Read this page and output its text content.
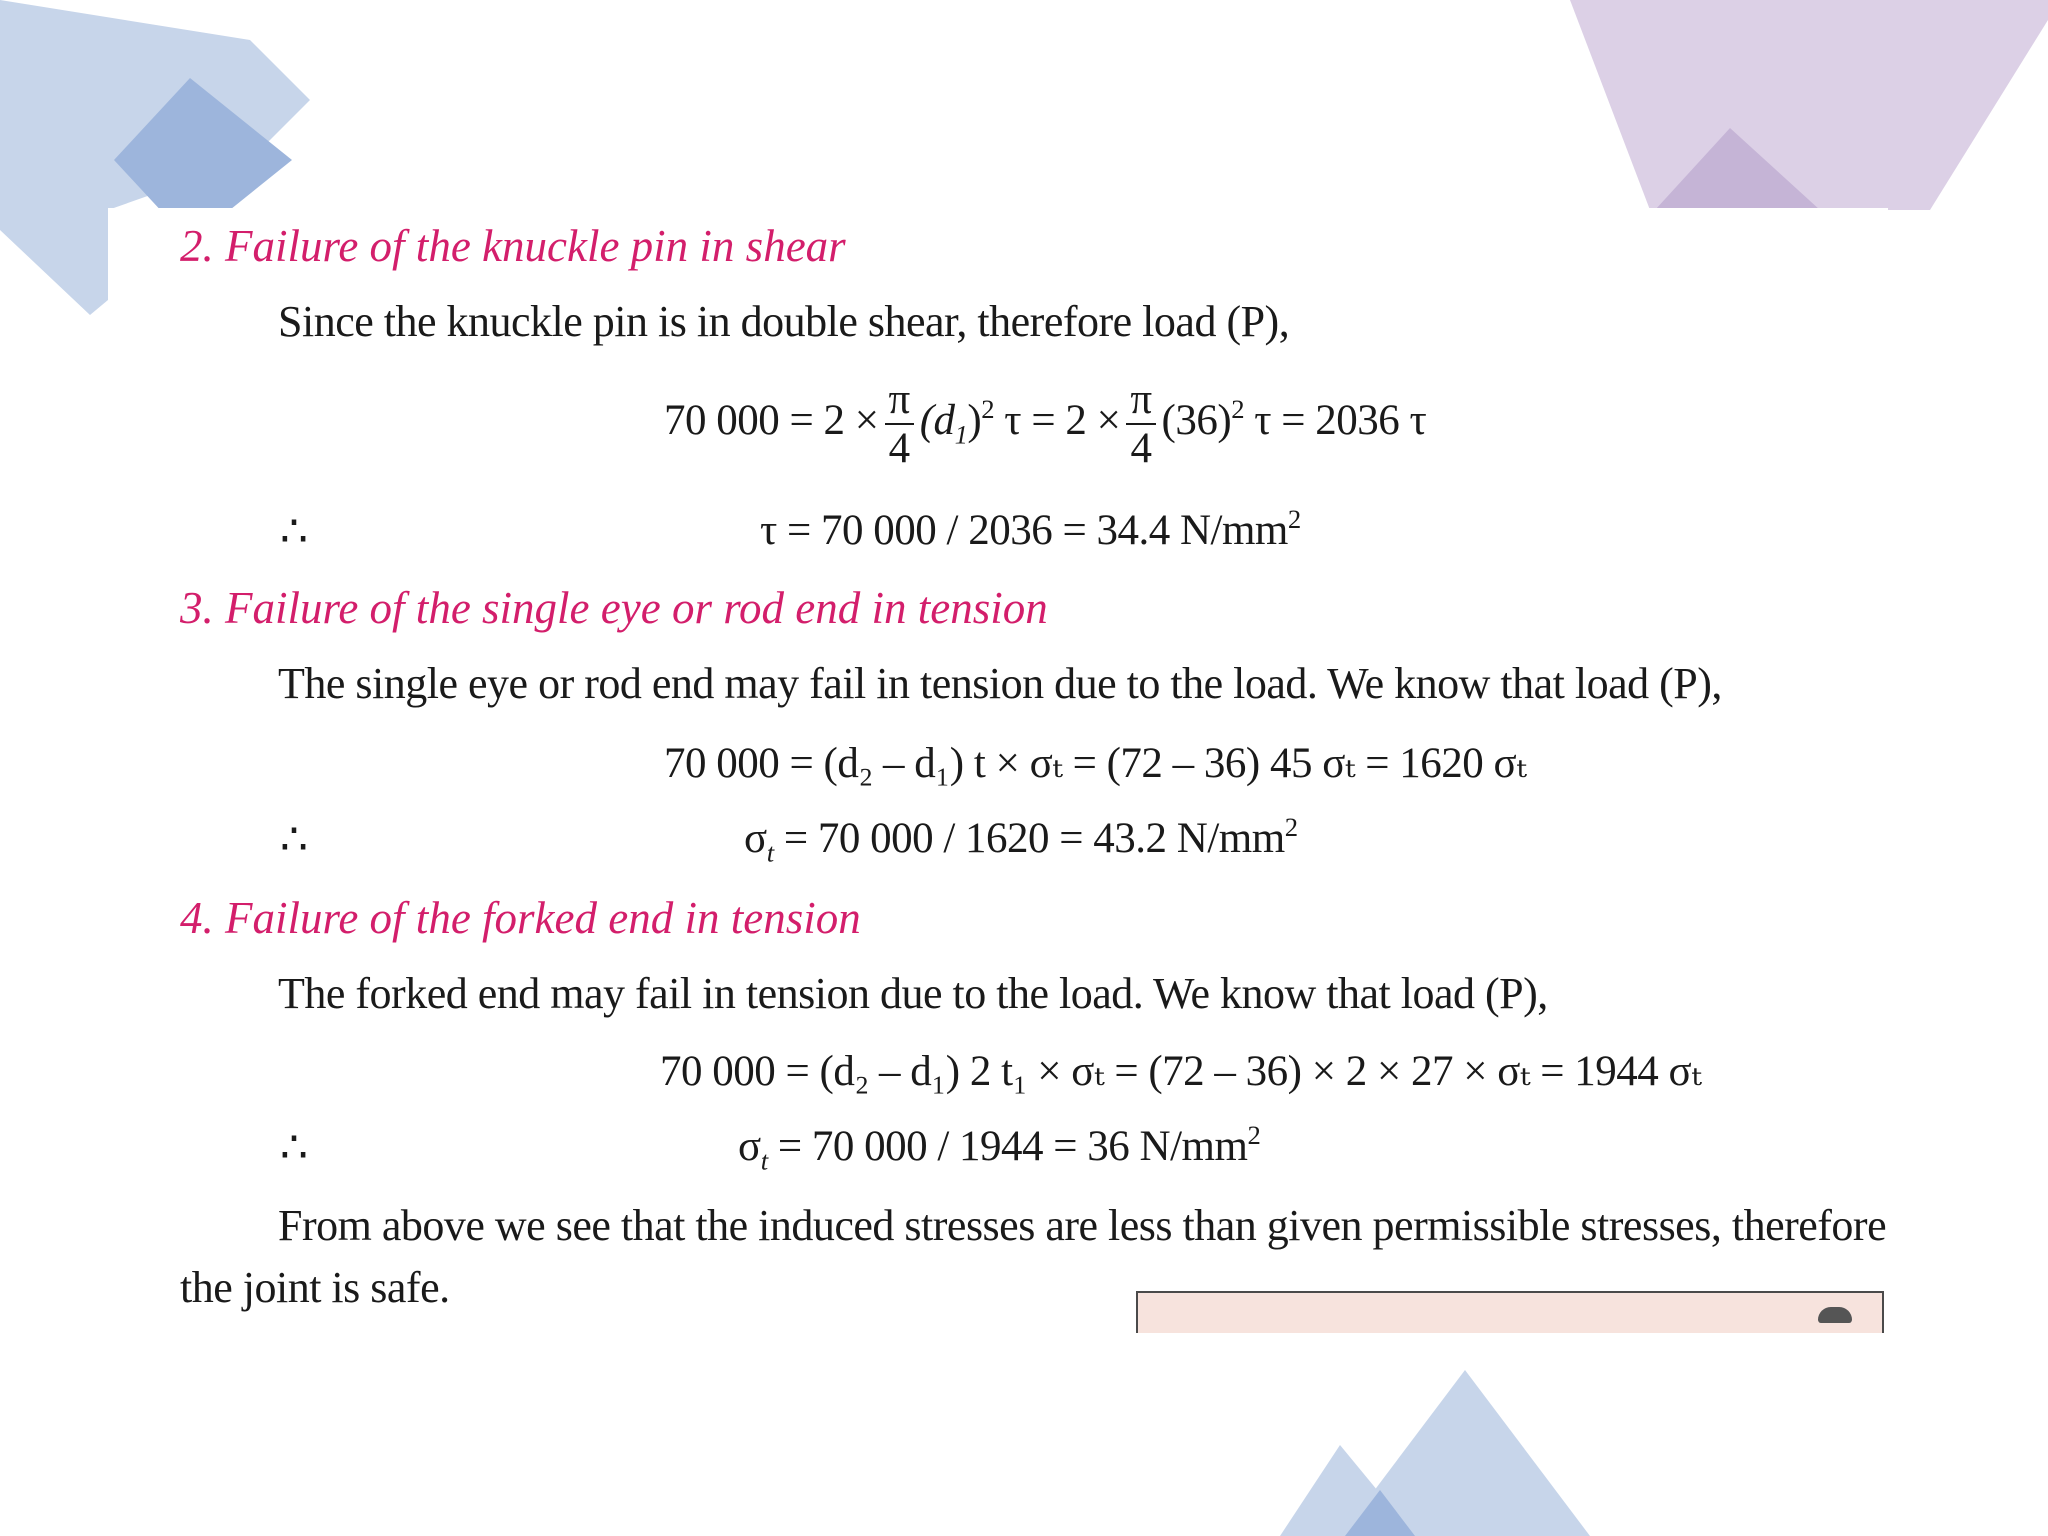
2. Failure of the knuckle pin in shear
Since the knuckle pin is in double shear, therefore load (P),
70 $000 = 2 \times \frac{\pi}{4} (d_1)^2$ $\tau = 2 \times \frac{\pi}{4} (36)^2$ τ = 2036 τ
∴	τ = 70 000 / 2036 = 34.4 $N/mm^2$
3. Failure of the single eye or rod end in tension
The single eye or rod end may fail in tension due to the load. We know that load (P),
70 000 = (d₂ – d₁) t × σₜ = (72 – 36) 45 σₜ = 1620 σₜ
∴	$\sigma_t = 70$ 000 / 1620 = 43.2 $N/mm^2$
4. Failure of the forked end in tension
The forked end may fail in tension due to the load. We know that load (P),
70 000 = (d₂ – d₁) 2 t₁ × σₜ = (72 – 36) × 2 × 27 × σₜ = 1944 σₜ
∴	$\sigma_t = 70$ 000 / 1944 = 36 $N/mm^2$
From above we see that the induced stresses are less than given permissible stresses, therefore
the joint is safe.
